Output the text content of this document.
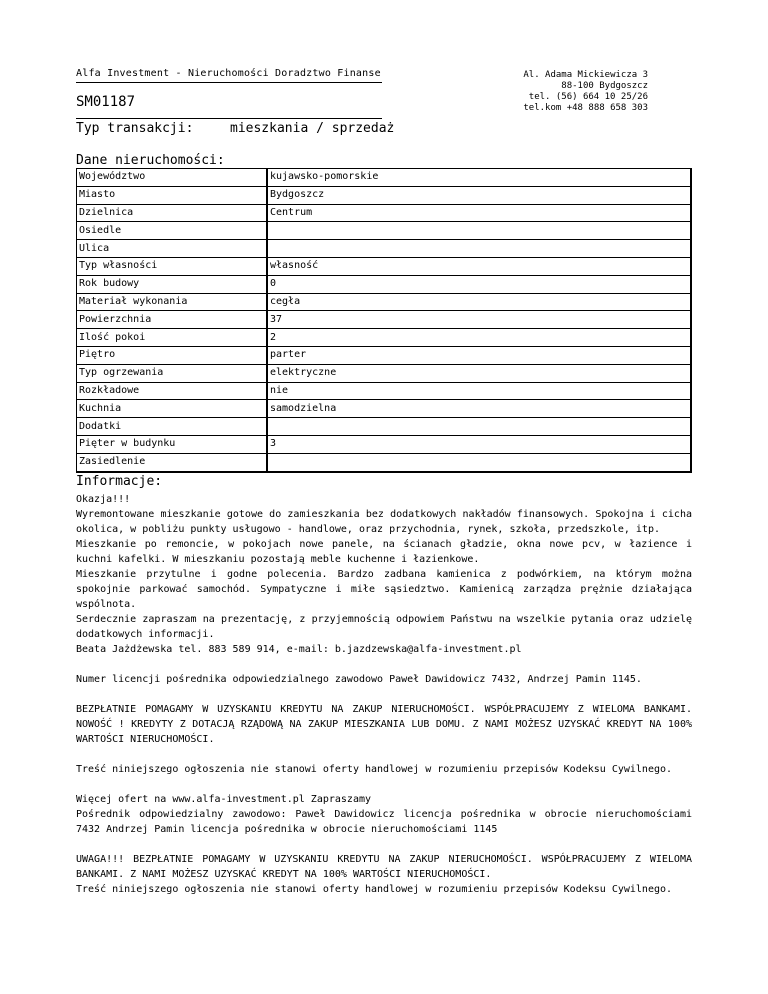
Alfa Investment - Nieruchomości Doradztwo Finanse	Al. Adama Mickiewicza 3
88-100 Bydgoszcz
tel. (56) 664 10 25/26
tel.kom +48 888 658 303
SM01187
Typ transakcji:	mieszkania / sprzedaż
Dane nieruchomości:
Województwo	kujawsko-pomorskie
Miasto	Bydgoszcz
Dzielnica	Centrum
Osiedle	
Ulica	
Typ własności	własność
Rok budowy	0
Materiał wykonania	cegła
Powierzchnia	37
Ilość pokoi	2
Piętro	parter
Typ ogrzewania	elektryczne
Rozkładowe	nie
Kuchnia	samodzielna
Dodatki	
Pięter w budynku	3
Zasiedlenie	
Informacje:

Okazja!!!

Wyremontowane mieszkanie gotowe do zamieszkania bez dodatkowych nakładów finansowych. Spokojna i cicha okolica, w pobliżu punkty usługowo - handlowe, oraz przychodnia, rynek, szkoła, przedszkole, itp.

Mieszkanie po remoncie, w pokojach nowe panele, na ścianach gładzie, okna nowe pcv, w łazience i kuchni kafelki. W mieszkaniu pozostają meble kuchenne i łazienkowe.

Mieszkanie przytulne i godne polecenia. Bardzo zadbana kamienica z podwórkiem, na którym można spokojnie parkować samochód. Sympatyczne i miłe sąsiedztwo. Kamienicą zarządza prężnie działająca wspólnota.

Serdecznie zapraszam na prezentację, z przyjemnością odpowiem Państwu na wszelkie pytania oraz udzielę dodatkowych informacji.

Beata Jażdżewska tel. 883 589 914, e-mail: b.jazdzewska@alfa-investment.pl

Numer licencji pośrednika odpowiedzialnego zawodowo Paweł Dawidowicz 7432, Andrzej Pamin 1145.

BEZPŁATNIE POMAGAMY W UZYSKANIU KREDYTU NA ZAKUP NIERUCHOMOŚCI. WSPÓŁPRACUJEMY Z WIELOMA BANKAMI. NOWOŚĆ ! KREDYTY Z DOTACJĄ RZĄDOWĄ NA ZAKUP MIESZKANIA LUB DOMU. Z NAMI MOŻESZ UZYSKAĆ KREDYT NA 100% WARTOŚCI NIERUCHOMOŚCI.

Treść niniejszego ogłoszenia nie stanowi oferty handlowej w rozumieniu przepisów Kodeksu Cywilnego.

Więcej ofert na www.alfa-investment.pl Zapraszamy

Pośrednik odpowiedzialny zawodowo: Paweł Dawidowicz licencja pośrednika w obrocie nieruchomościami 7432 Andrzej Pamin licencja pośrednika w obrocie nieruchomościami 1145

UWAGA!!! BEZPŁATNIE POMAGAMY W UZYSKANIU KREDYTU NA ZAKUP NIERUCHOMOŚCI. WSPÓŁPRACUJEMY Z WIELOMA BANKAMI. Z NAMI MOŻESZ UZYSKAĆ KREDYT NA 100% WARTOŚCI NIERUCHOMOŚCI.

Treść niniejszego ogłoszenia nie stanowi oferty handlowej w rozumieniu przepisów Kodeksu Cywilnego.
